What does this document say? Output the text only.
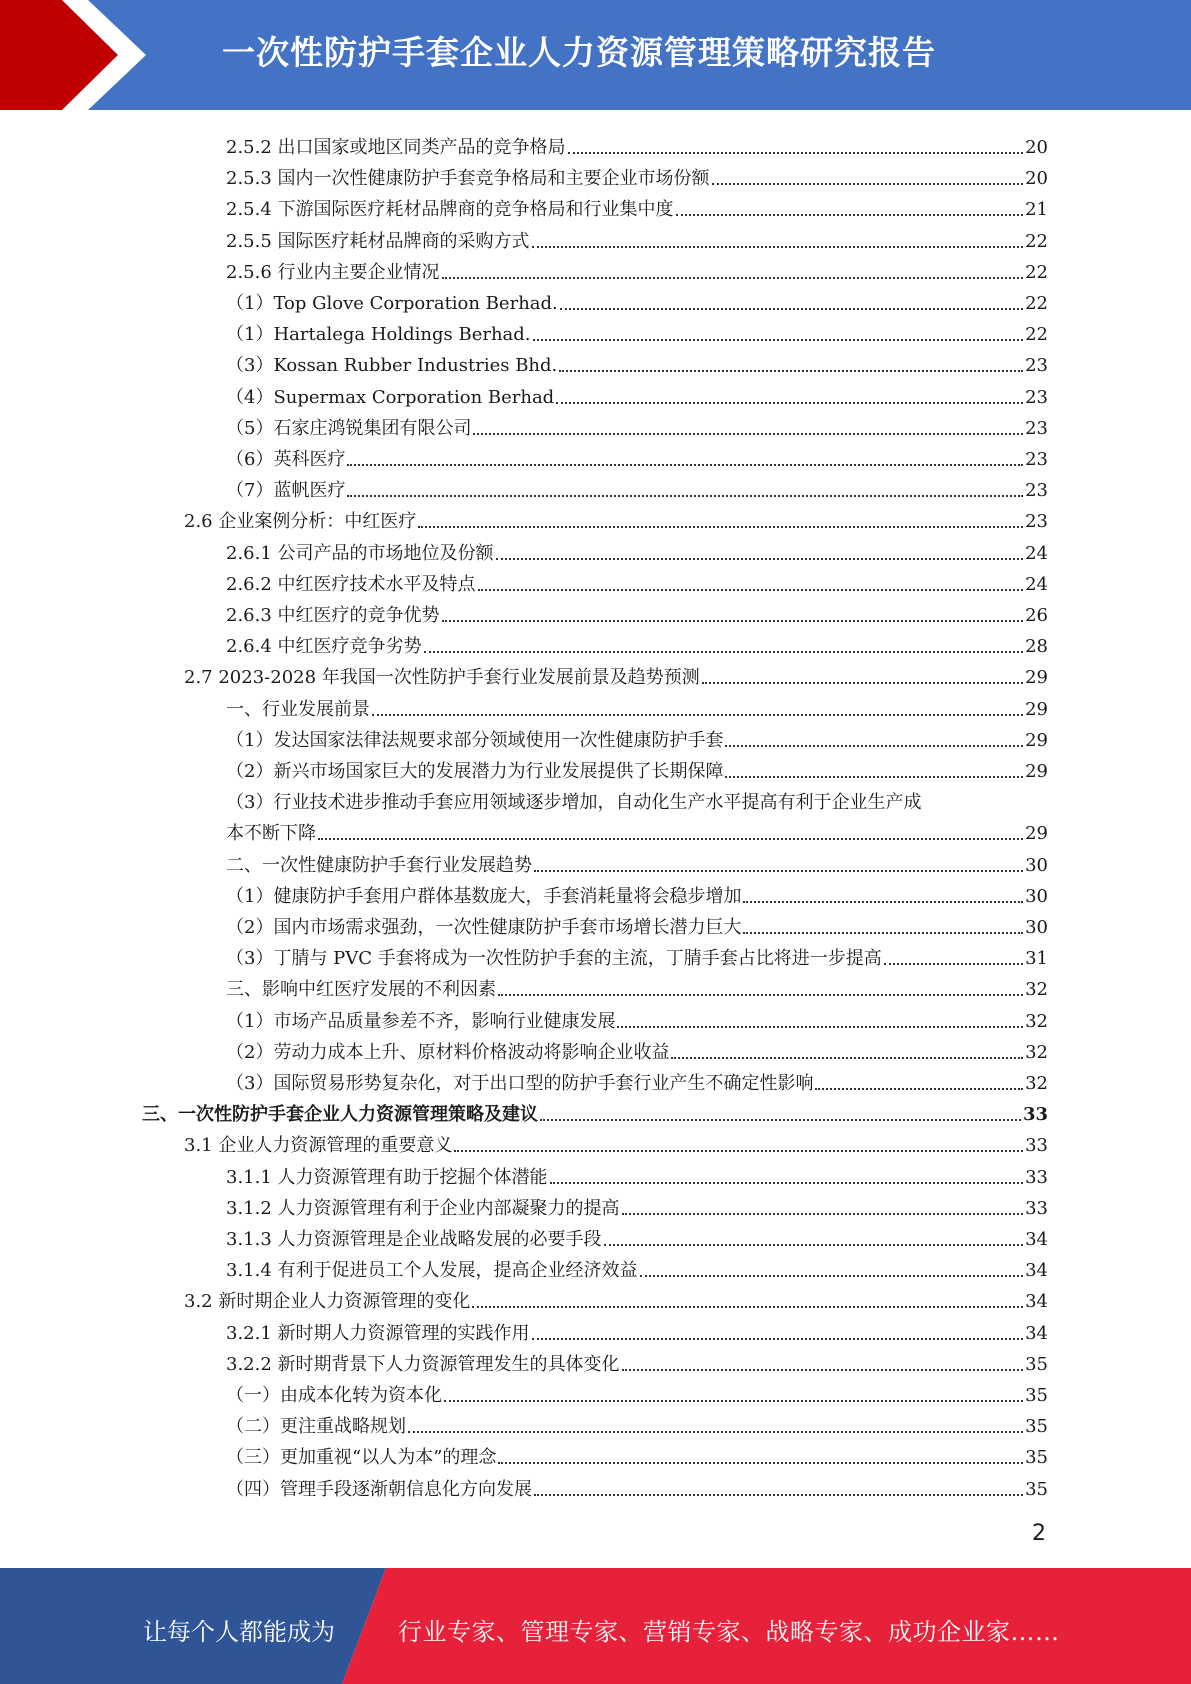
一次性防护手套企业人力资源管理策略研究报告
2.5.2 出口国家或地区同类产品的竞争格局	20
2.5.3 国内一次性健康防护手套竞争格局和主要企业市场份额	20
2.5.4 下游国际医疗耗材品牌商的竞争格局和行业集中度	21
2.5.5 国际医疗耗材品牌商的采购方式	22
2.5.6 行业内主要企业情况	22
（1）Top Glove Corporation Berhad.	22
（1）Hartalega Holdings Berhad.	22
（3）Kossan Rubber Industries Bhd.	23
（4）Supermax Corporation Berhad	23
（5）石家庄鸿锐集团有限公司	23
（6）英科医疗	23
（7）蓝帆医疗	23
2.6 企业案例分析：中红医疗	23
2.6.1 公司产品的市场地位及份额	24
2.6.2 中红医疗技术水平及特点	24
2.6.3 中红医疗的竞争优势	26
2.6.4 中红医疗竞争劣势	28
2.7 2023-2028 年我国一次性防护手套行业发展前景及趋势预测	29
一、行业发展前景	29
（1）发达国家法律法规要求部分领域使用一次性健康防护手套	29
（2）新兴市场国家巨大的发展潜力为行业发展提供了长期保障	29
（3）行业技术进步推动手套应用领域逐步增加，自动化生产水平提高有利于企业生产成
本不断下降	29
二、一次性健康防护手套行业发展趋势	30
（1）健康防护手套用户群体基数庞大，手套消耗量将会稳步增加	30
（2）国内市场需求强劲，一次性健康防护手套市场增长潜力巨大	30
（3）丁腈与 PVC 手套将成为一次性防护手套的主流，丁腈手套占比将进一步提高	31
三、影响中红医疗发展的不利因素	32
（1）市场产品质量参差不齐，影响行业健康发展	32
（2）劳动力成本上升、原材料价格波动将影响企业收益	32
（3）国际贸易形势复杂化，对于出口型的防护手套行业产生不确定性影响	32
三、一次性防护手套企业人力资源管理策略及建议	33
3.1 企业人力资源管理的重要意义	33
3.1.1 人力资源管理有助于挖掘个体潜能	33
3.1.2 人力资源管理有利于企业内部凝聚力的提高	33
3.1.3 人力资源管理是企业战略发展的必要手段	34
3.1.4 有利于促进员工个人发展，提高企业经济效益	34
3.2 新时期企业人力资源管理的变化	34
3.2.1 新时期人力资源管理的实践作用	34
3.2.2 新时期背景下人力资源管理发生的具体变化	35
（一）由成本化转为资本化	35
（二）更注重战略规划	35
（三）更加重视“以人为本”的理念	35
（四）管理手段逐渐朝信息化方向发展	35
2
让每个人都能成为	行业专家、管理专家、营销专家、战略专家、成功企业家……
